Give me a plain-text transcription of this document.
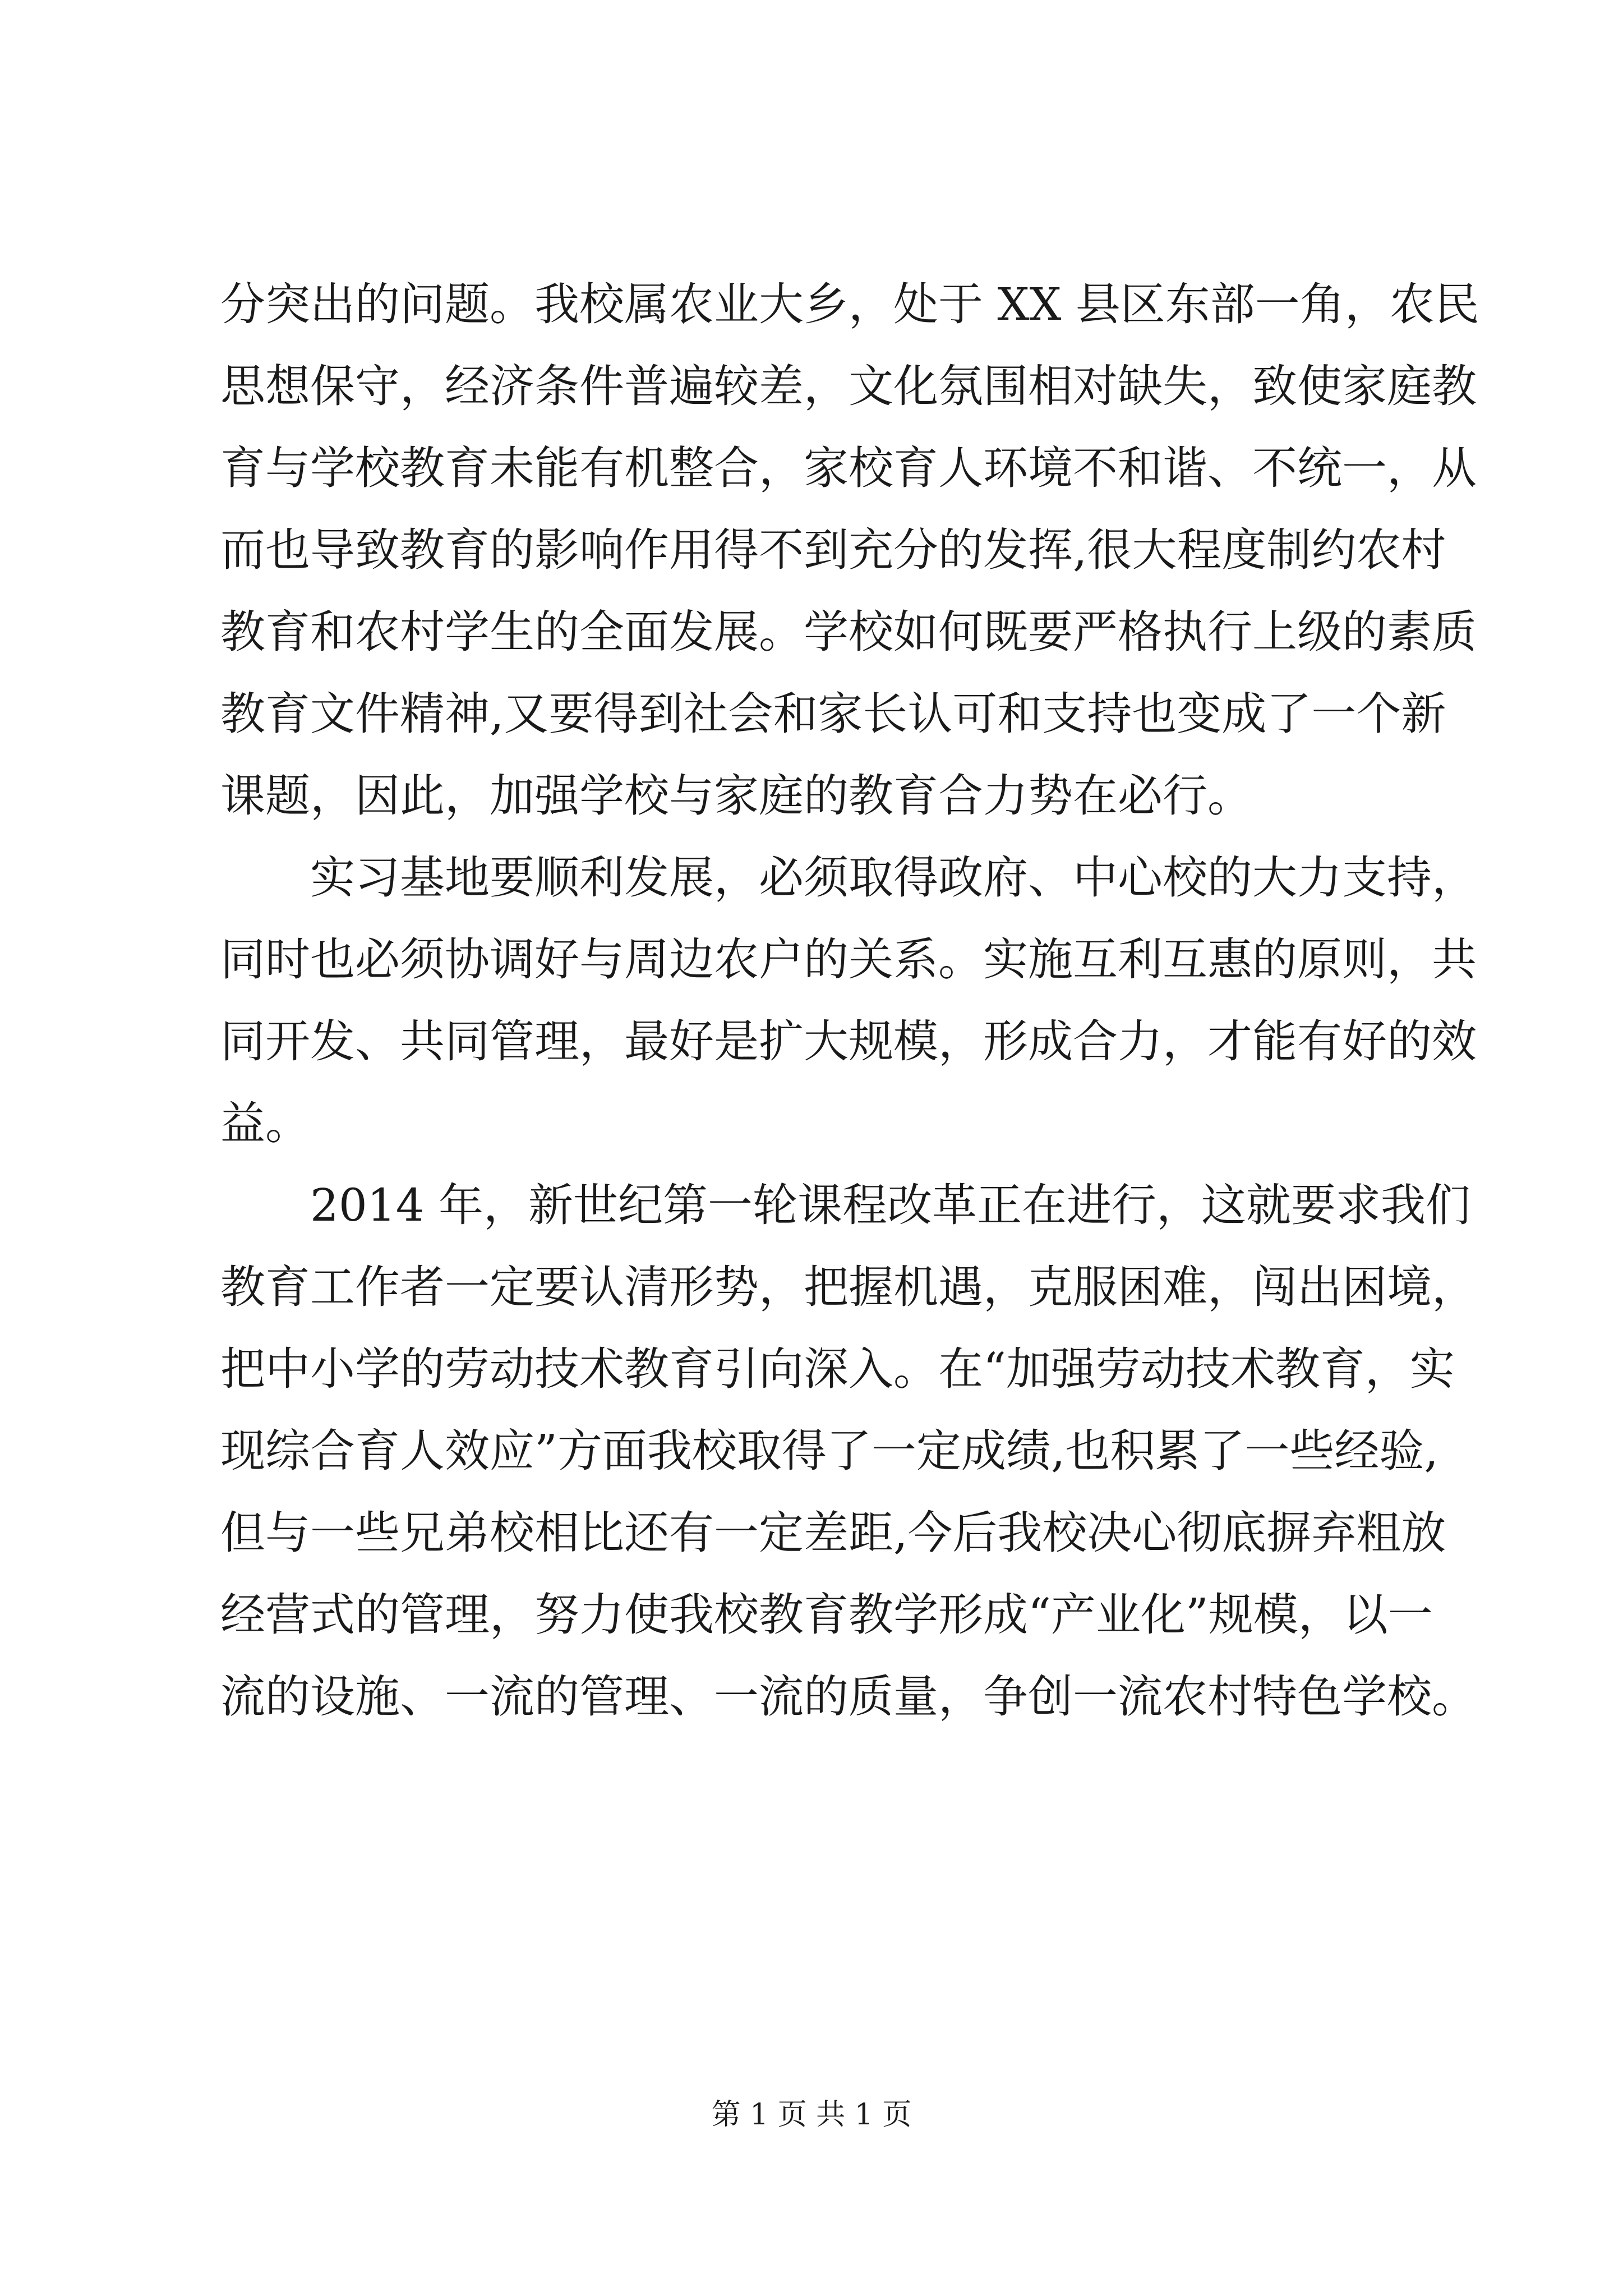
分突出的问题。我校属农业大乡，处于 XX 县区东部一角，农民
思想保守，经济条件普遍较差，文化氛围相对缺失，致使家庭教
育与学校教育未能有机整合，家校育人环境不和谐、不统一，从
而也导致教育的影响作用得不到充分的发挥,很大程度制约农村
教育和农村学生的全面发展。学校如何既要严格执行上级的素质
教育文件精神,又要得到社会和家长认可和支持也变成了一个新
课题，因此，加强学校与家庭的教育合力势在必行。
实习基地要顺利发展，必须取得政府、中心校的大力支持，
同时也必须协调好与周边农户的关系。实施互利互惠的原则，共
同开发、共同管理，最好是扩大规模，形成合力，才能有好的效
益。
2014 年，新世纪第一轮课程改革正在进行，这就要求我们
教育工作者一定要认清形势，把握机遇，克服困难，闯出困境，
把中小学的劳动技术教育引向深入。在“加强劳动技术教育，实
现综合育人效应”方面我校取得了一定成绩,也积累了一些经验,
但与一些兄弟校相比还有一定差距,今后我校决心彻底摒弃粗放
经营式的管理，努力使我校教育教学形成“产业化”规模，以一
流的设施、一流的管理、一流的质量，争创一流农村特色学校。
第 1 页 共 1 页
